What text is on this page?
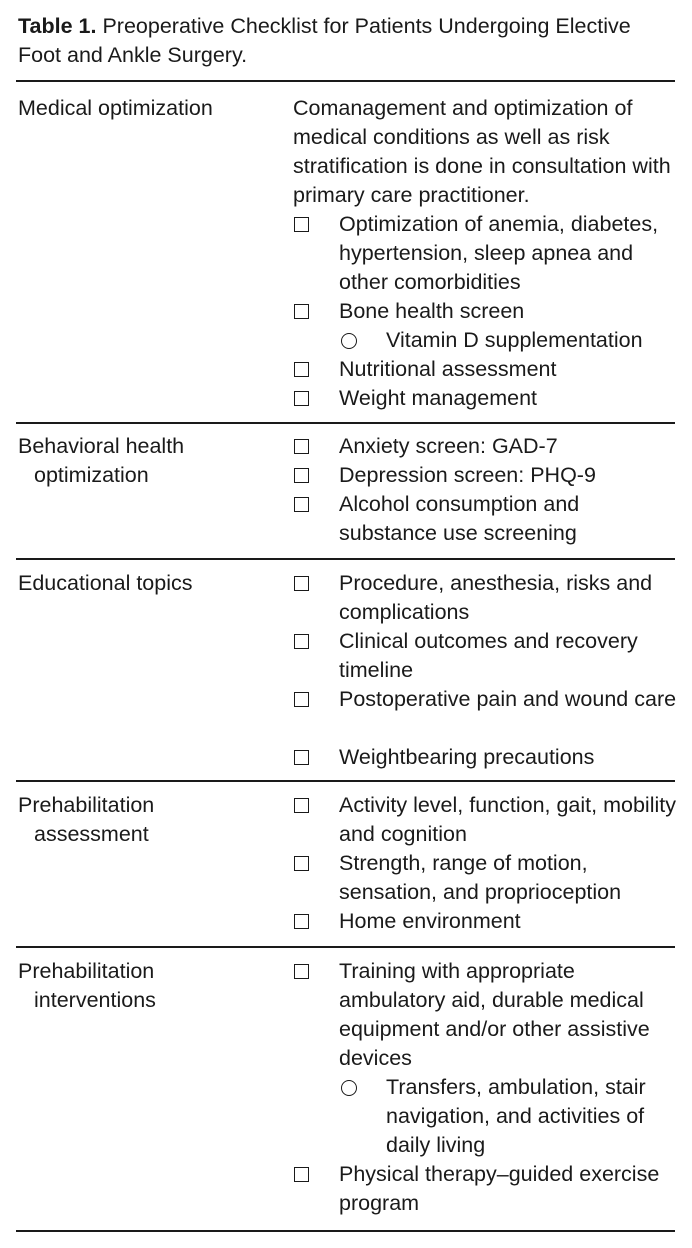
Table 1. Preoperative Checklist for Patients Undergoing Elective Foot and Ankle Surgery.
Medical optimization	Comanagement and optimization of medical conditions as well as risk stratification is done in consultation with primary care practitioner.
Optimization of anemia, diabetes, hypertension, sleep apnea and other comorbidities
Bone health screen
Vitamin D supplementation
Nutritional assessment
Weight management
Behavioral health
optimization
Anxiety screen: GAD-7
Depression screen: PHQ-9
Alcohol consumption and substance use screening
Educational topics	Procedure, anesthesia, risks and complications
Clinical outcomes and recovery timeline
Postoperative pain and wound care
Weightbearing precautions
Prehabilitation
assessment
Activity level, function, gait, mobility and cognition
Strength, range of motion, sensation, and proprioception
Home environment
Prehabilitation
interventions
Training with appropriate ambulatory aid, durable medical equipment and/or other assistive devices
Transfers, ambulation, stair navigation, and activities of daily living
Physical therapy–guided exercise program
